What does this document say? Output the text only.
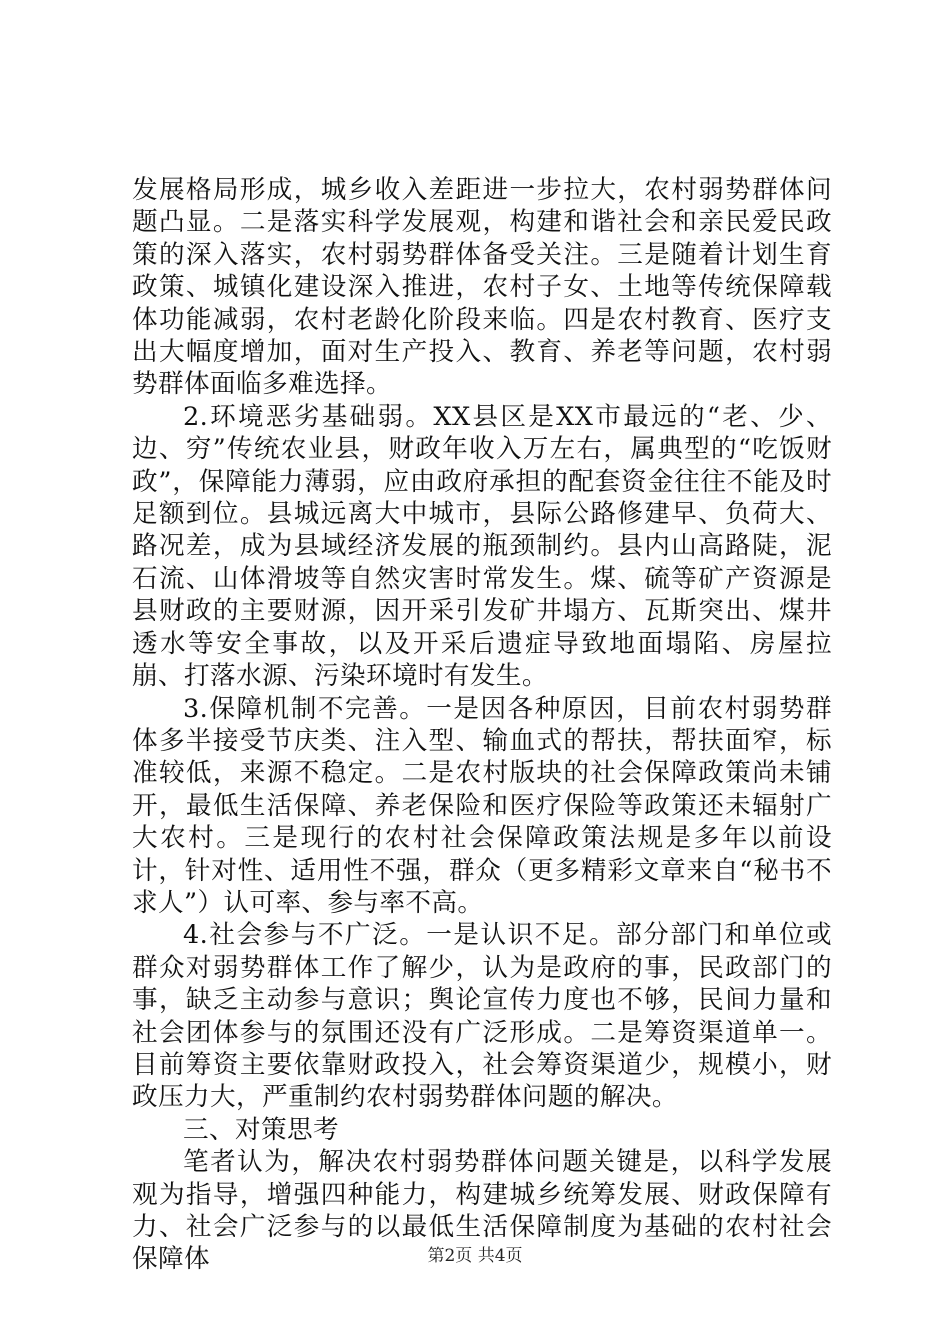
发展格局形成，城乡收入差距进一步拉大，农村弱势群体问题凸显。二是落实科学发展观，构建和谐社会和亲民爱民政策的深入落实，农村弱势群体备受关注。三是随着计划生育政策、城镇化建设深入推进，农村子女、土地等传统保障载体功能减弱，农村老龄化阶段来临。四是农村教育、医疗支出大幅度增加，面对生产投入、教育、养老等问题，农村弱势群体面临多难选择。

2.环境恶劣基础弱。XX县区是XX市最远的“老、少、边、穷”传统农业县，财政年收入万左右，属典型的“吃饭财政”，保障能力薄弱，应由政府承担的配套资金往往不能及时足额到位。县城远离大中城市，县际公路修建早、负荷大、路况差，成为县域经济发展的瓶颈制约。县内山高路陡，泥石流、山体滑坡等自然灾害时常发生。煤、硫等矿产资源是县财政的主要财源，因开采引发矿井塌方、瓦斯突出、煤井透水等安全事故，以及开采后遗症导致地面塌陷、房屋拉崩、打落水源、污染环境时有发生。

3.保障机制不完善。一是因各种原因，目前农村弱势群体多半接受节庆类、注入型、输血式的帮扶，帮扶面窄，标准较低，来源不稳定。二是农村版块的社会保障政策尚未铺开，最低生活保障、养老保险和医疗保险等政策还未辐射广大农村。三是现行的农村社会保障政策法规是多年以前设计，针对性、适用性不强，群众（更多精彩文章来自“秘书不求人”）认可率、参与率不高。

4.社会参与不广泛。一是认识不足。部分部门和单位或群众对弱势群体工作了解少，认为是政府的事，民政部门的事，缺乏主动参与意识；舆论宣传力度也不够，民间力量和社会团体参与的氛围还没有广泛形成。二是筹资渠道单一。目前筹资主要依靠财政投入，社会筹资渠道少，规模小，财政压力大，严重制约农村弱势群体问题的解决。

三、对策思考

笔者认为，解决农村弱势群体问题关键是，以科学发展观为指导，增强四种能力，构建城乡统筹发展、财政保障有力、社会广泛参与的以最低生活保障制度为基础的农村社会保障体	第2页 共4页
